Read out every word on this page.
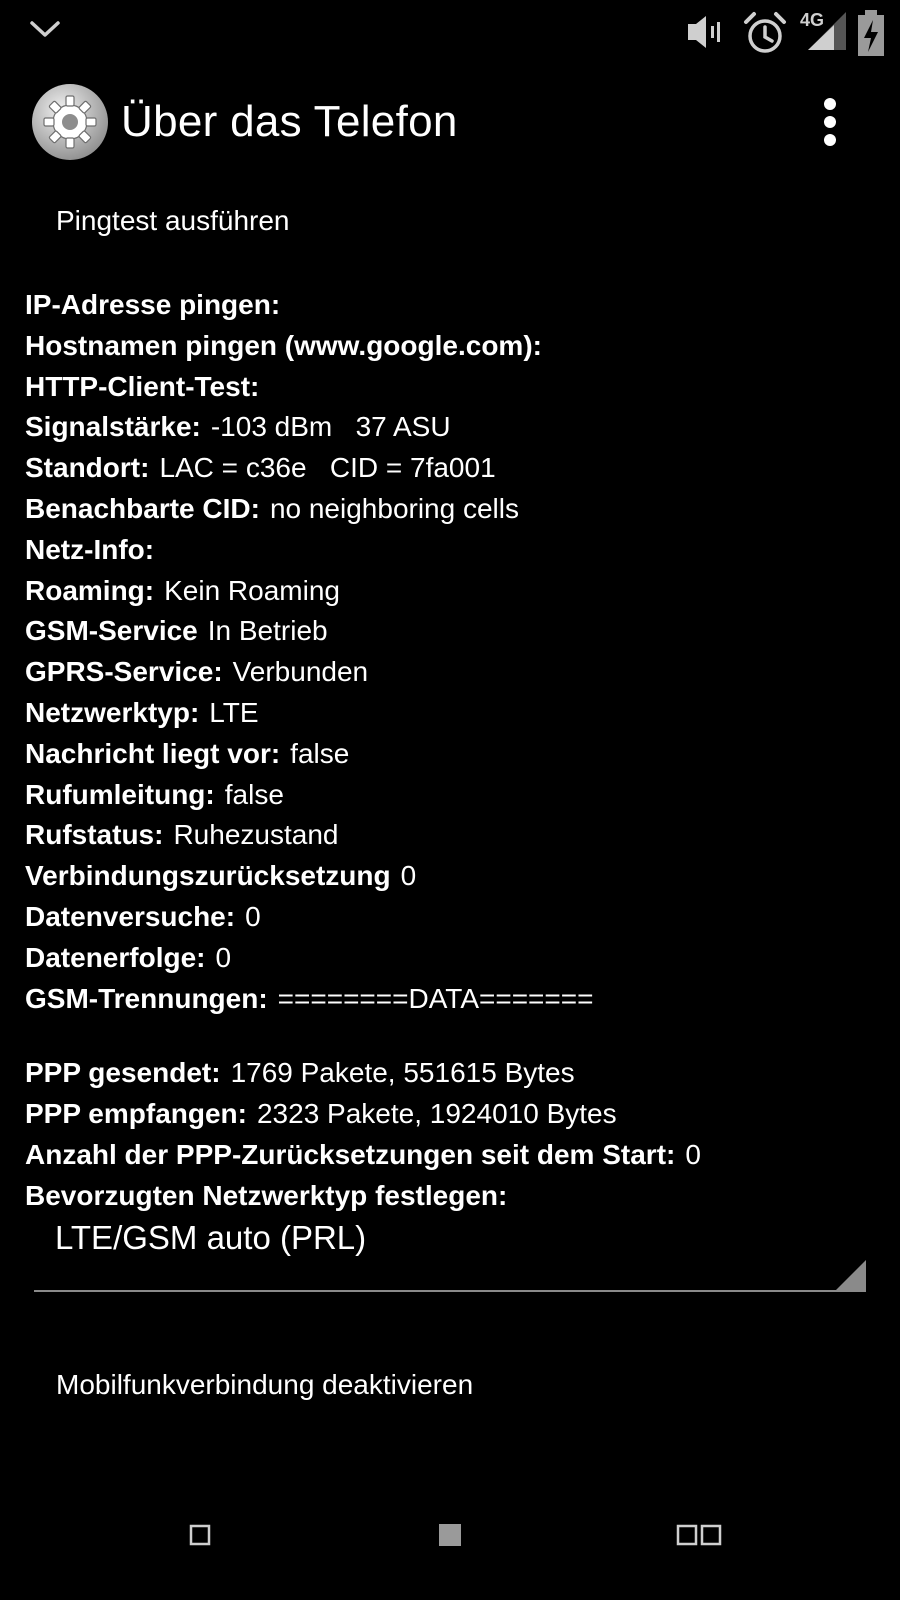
4G
Über das Telefon
Pingtest ausführen
IP-Adresse pingen:
Hostnamen pingen (www.google.com):
HTTP-Client-Test:
Signalstärke: -103 dBm   37 ASU
Standort: LAC = c36e   CID = 7fa001
Benachbarte CID: no neighboring cells
Netz-Info:
Roaming: Kein Roaming
GSM-Service In Betrieb
GPRS-Service: Verbunden
Netzwerktyp: LTE
Nachricht liegt vor: false
Rufumleitung: false
Rufstatus: Ruhezustand
Verbindungszurücksetzung 0
Datenversuche: 0
Datenerfolge: 0
GSM-Trennungen: ========DATA=======
PPP gesendet: 1769 Pakete, 551615 Bytes
PPP empfangen: 2323 Pakete, 1924010 Bytes
Anzahl der PPP-Zurücksetzungen seit dem Start: 0
Bevorzugten Netzwerktyp festlegen:
LTE/GSM auto (PRL)
Mobilfunkverbindung deaktivieren
